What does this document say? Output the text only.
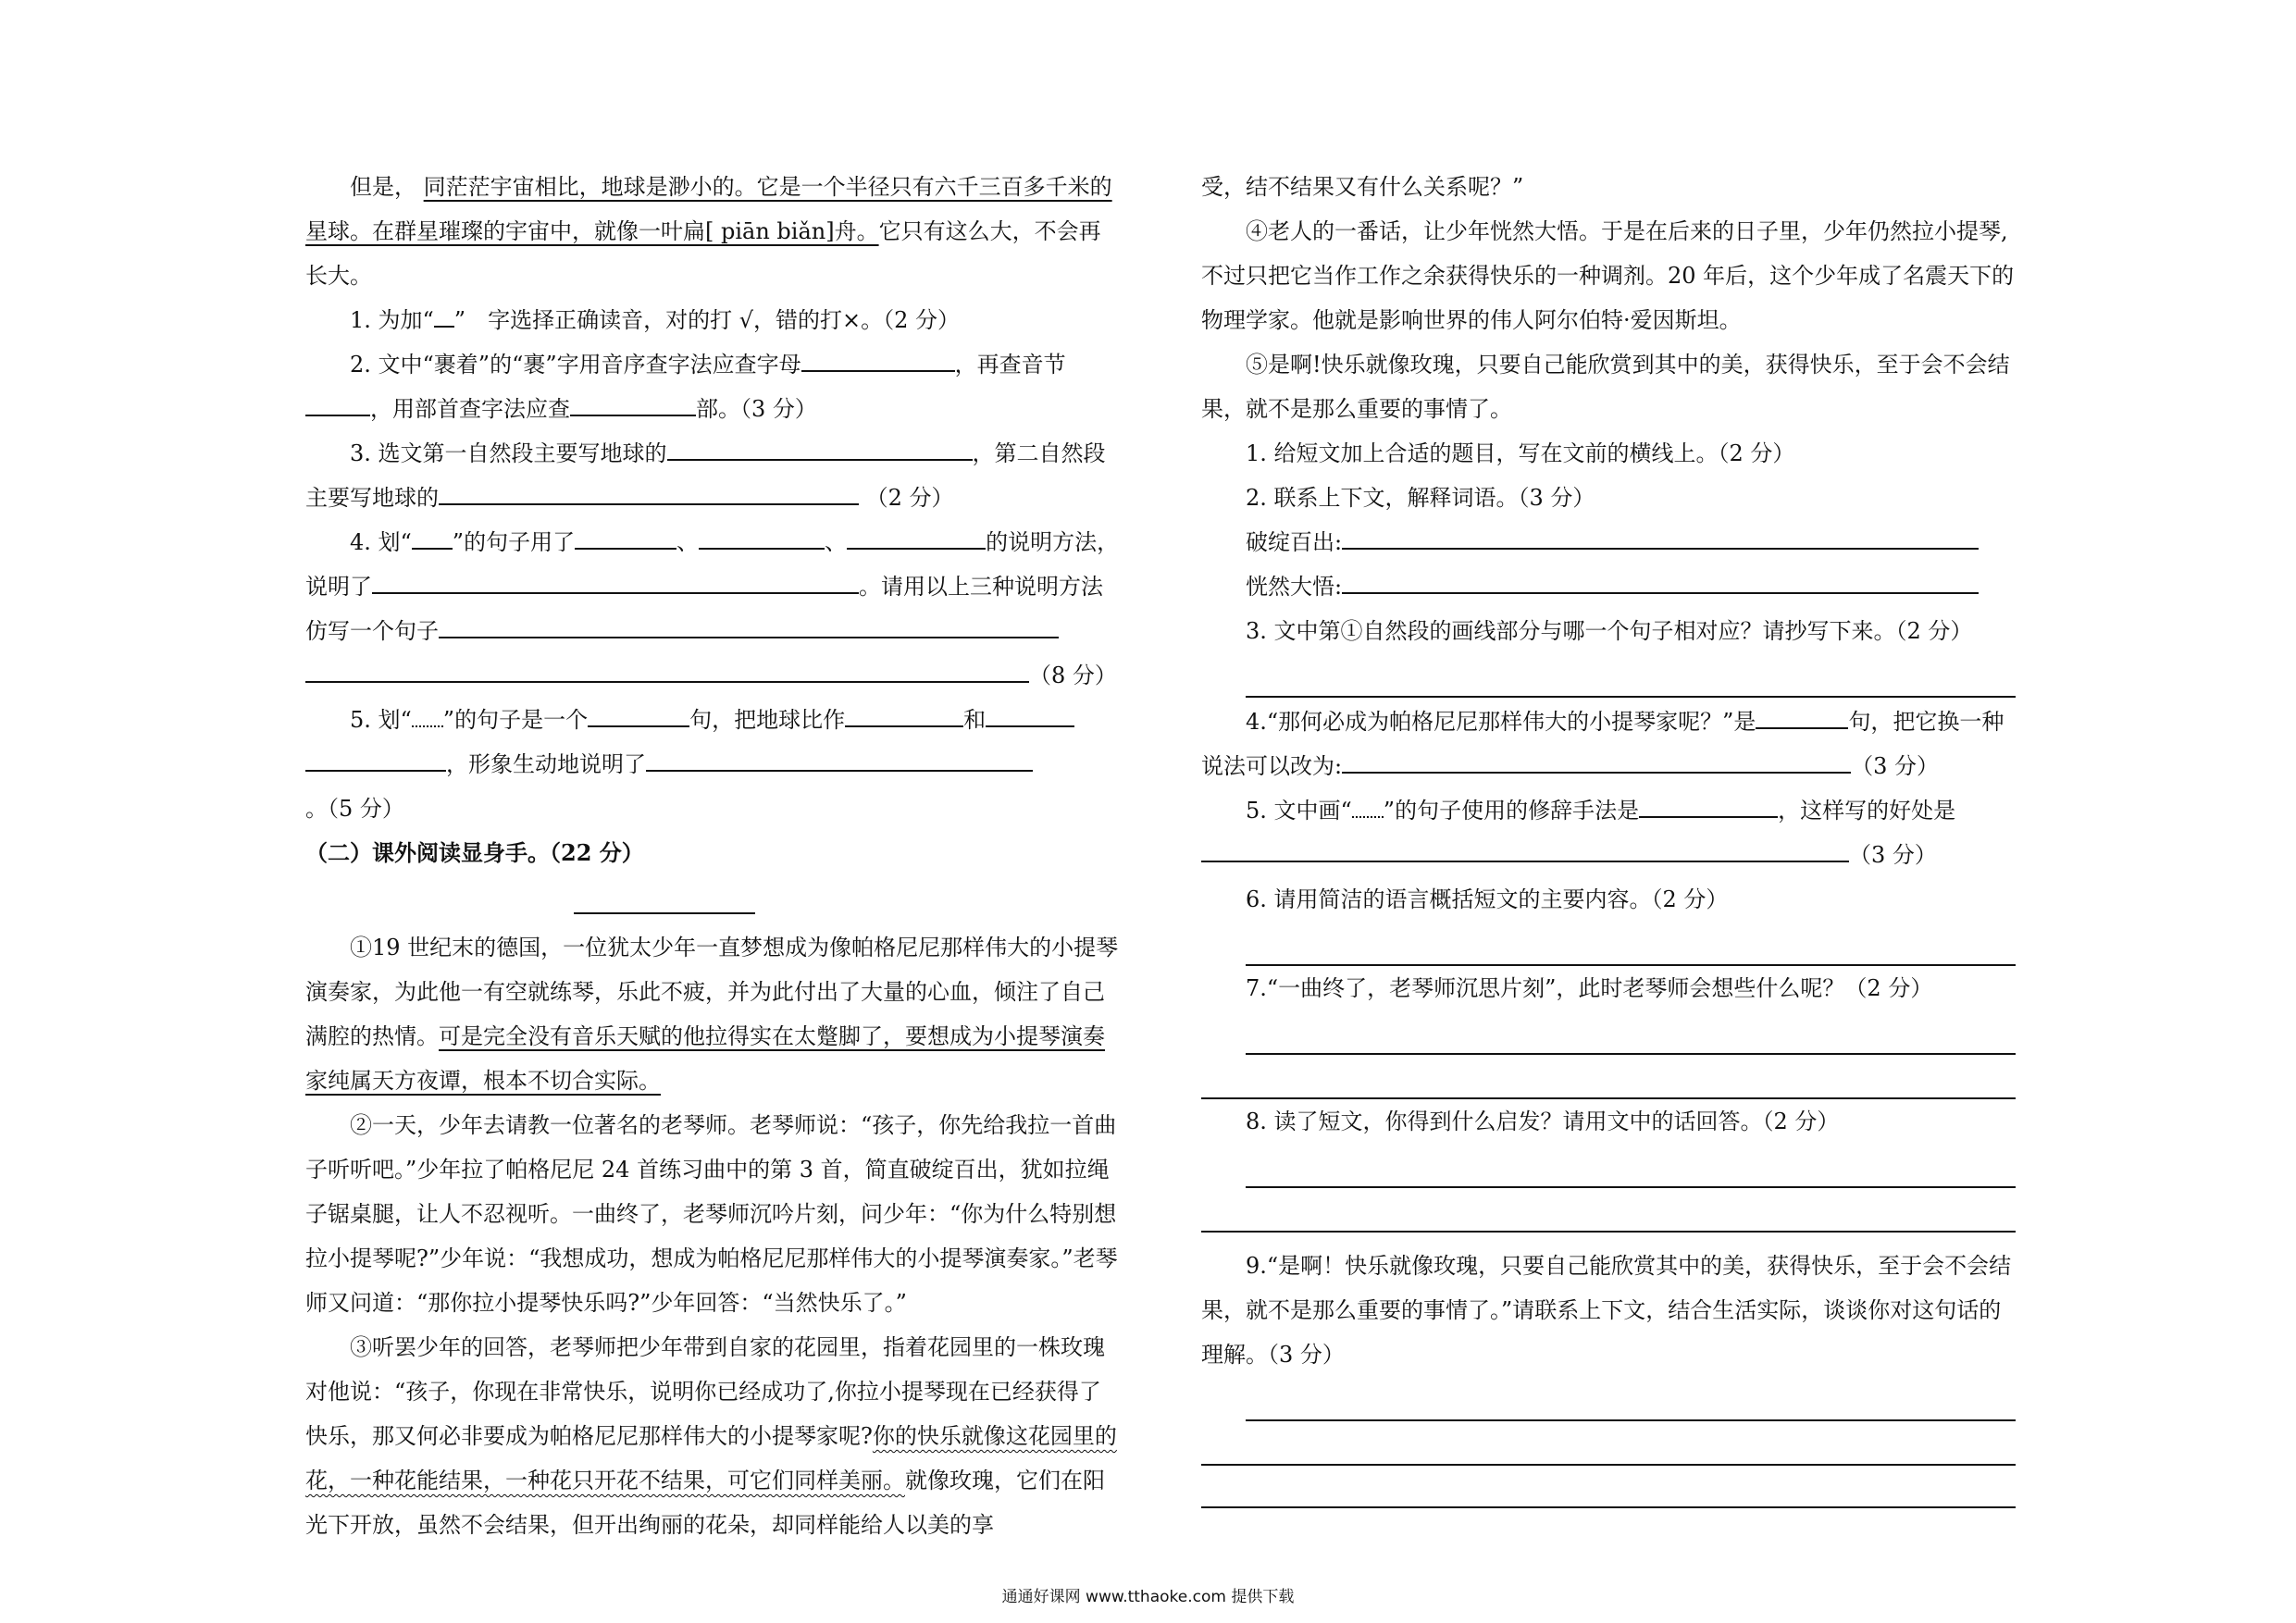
但是， 同茫茫宇宙相比，地球是渺小的。它是一个半径只有六千三百多千米的星球。在群星璀璨的宇宙中，就像一叶扁[ piān biǎn]舟。它只有这么大，不会再长大。

1. 为加“ ”　字选择正确读音，对的打 √，错的打×。（2 分）

2. 文中“裹着”的“裹”字用音序查字法应查字母	，再查音节，用部首查字法应查	部。（3 分）

3. 选文第一自然段主要写地球的	，第二自然段主要写地球的	（2 分）

4. 划“ ”的句子用了	、	、	的说明方法，说明了	。请用以上三种说明方法仿写一个句子
（8 分）

5. 划“ ”的句子是一个	句，把地球比作	和
，形象生动地说明了。（5 分）

（二）课外阅读显身手。（22 分）

①19 世纪末的德国，一位犹太少年一直梦想成为像帕格尼尼那样伟大的小提琴演奏家，为此他一有空就练琴，乐此不疲，并为此付出了大量的心血，倾注了自己满腔的热情。可是完全没有音乐天赋的他拉得实在太蹩脚了，要想成为小提琴演奏家纯属天方夜谭，根本不切合实际。

②一天，少年去请教一位著名的老琴师。老琴师说：“孩子，你先给我拉一首曲子听听吧。”少年拉了帕格尼尼 24 首练习曲中的第 3 首，简直破绽百出，犹如拉绳子锯桌腿，让人不忍视听。一曲终了，老琴师沉吟片刻，问少年：“你为什么特别想拉小提琴呢?”少年说：“我想成功，想成为帕格尼尼那样伟大的小提琴演奏家。”老琴师又问道：“那你拉小提琴快乐吗?”少年回答：“当然快乐了。”

③听罢少年的回答，老琴师把少年带到自家的花园里，指着花园里的一株玫瑰对他说：“孩子，你现在非常快乐，说明你已经成功了,你拉小提琴现在已经获得了快乐，那又何必非要成为帕格尼尼那样伟大的小提琴家呢?你的快乐就像这花园里的花，一种花能结果，一种花只开花不结果，可它们同样美丽。就像玫瑰，它们在阳光下开放，虽然不会结果，但开出绚丽的花朵，却同样能给人以美的享

受，结不结果又有什么关系呢？”

④老人的一番话，让少年恍然大悟。于是在后来的日子里，少年仍然拉小提琴,不过只把它当作工作之余获得快乐的一种调剂。20 年后，这个少年成了名震天下的物理学家。他就是影响世界的伟人阿尔伯特·爱因斯坦。

⑤是啊!快乐就像玫瑰，只要自己能欣赏到其中的美，获得快乐，至于会不会结果，就不是那么重要的事情了。

1. 给短文加上合适的题目，写在文前的横线上。（2 分）

2. 联系上下文，解释词语。（3 分）

破绽百出:

恍然大悟:

3. 文中第①自然段的画线部分与哪一个句子相对应？请抄写下来。（2 分）

4.“那何必成为帕格尼尼那样伟大的小提琴家呢？”是	句，把它换一种说法可以改为:	（3 分）

5. 文中画“ ”的句子使用的修辞手法是	，这样写的好处是
（3 分）

6. 请用简洁的语言概括短文的主要内容。（2 分）

7.“一曲终了，老琴师沉思片刻”，此时老琴师会想些什么呢？（2 分）

8. 读了短文，你得到什么启发？请用文中的话回答。（2 分）

9.“是啊！快乐就像玫瑰，只要自己能欣赏其中的美，获得快乐，至于会不会结果，就不是那么重要的事情了。”请联系上下文，结合生活实际，谈谈你对这句话的理解。（3 分）

通通好课网 www.tthaoke.com 提供下载
